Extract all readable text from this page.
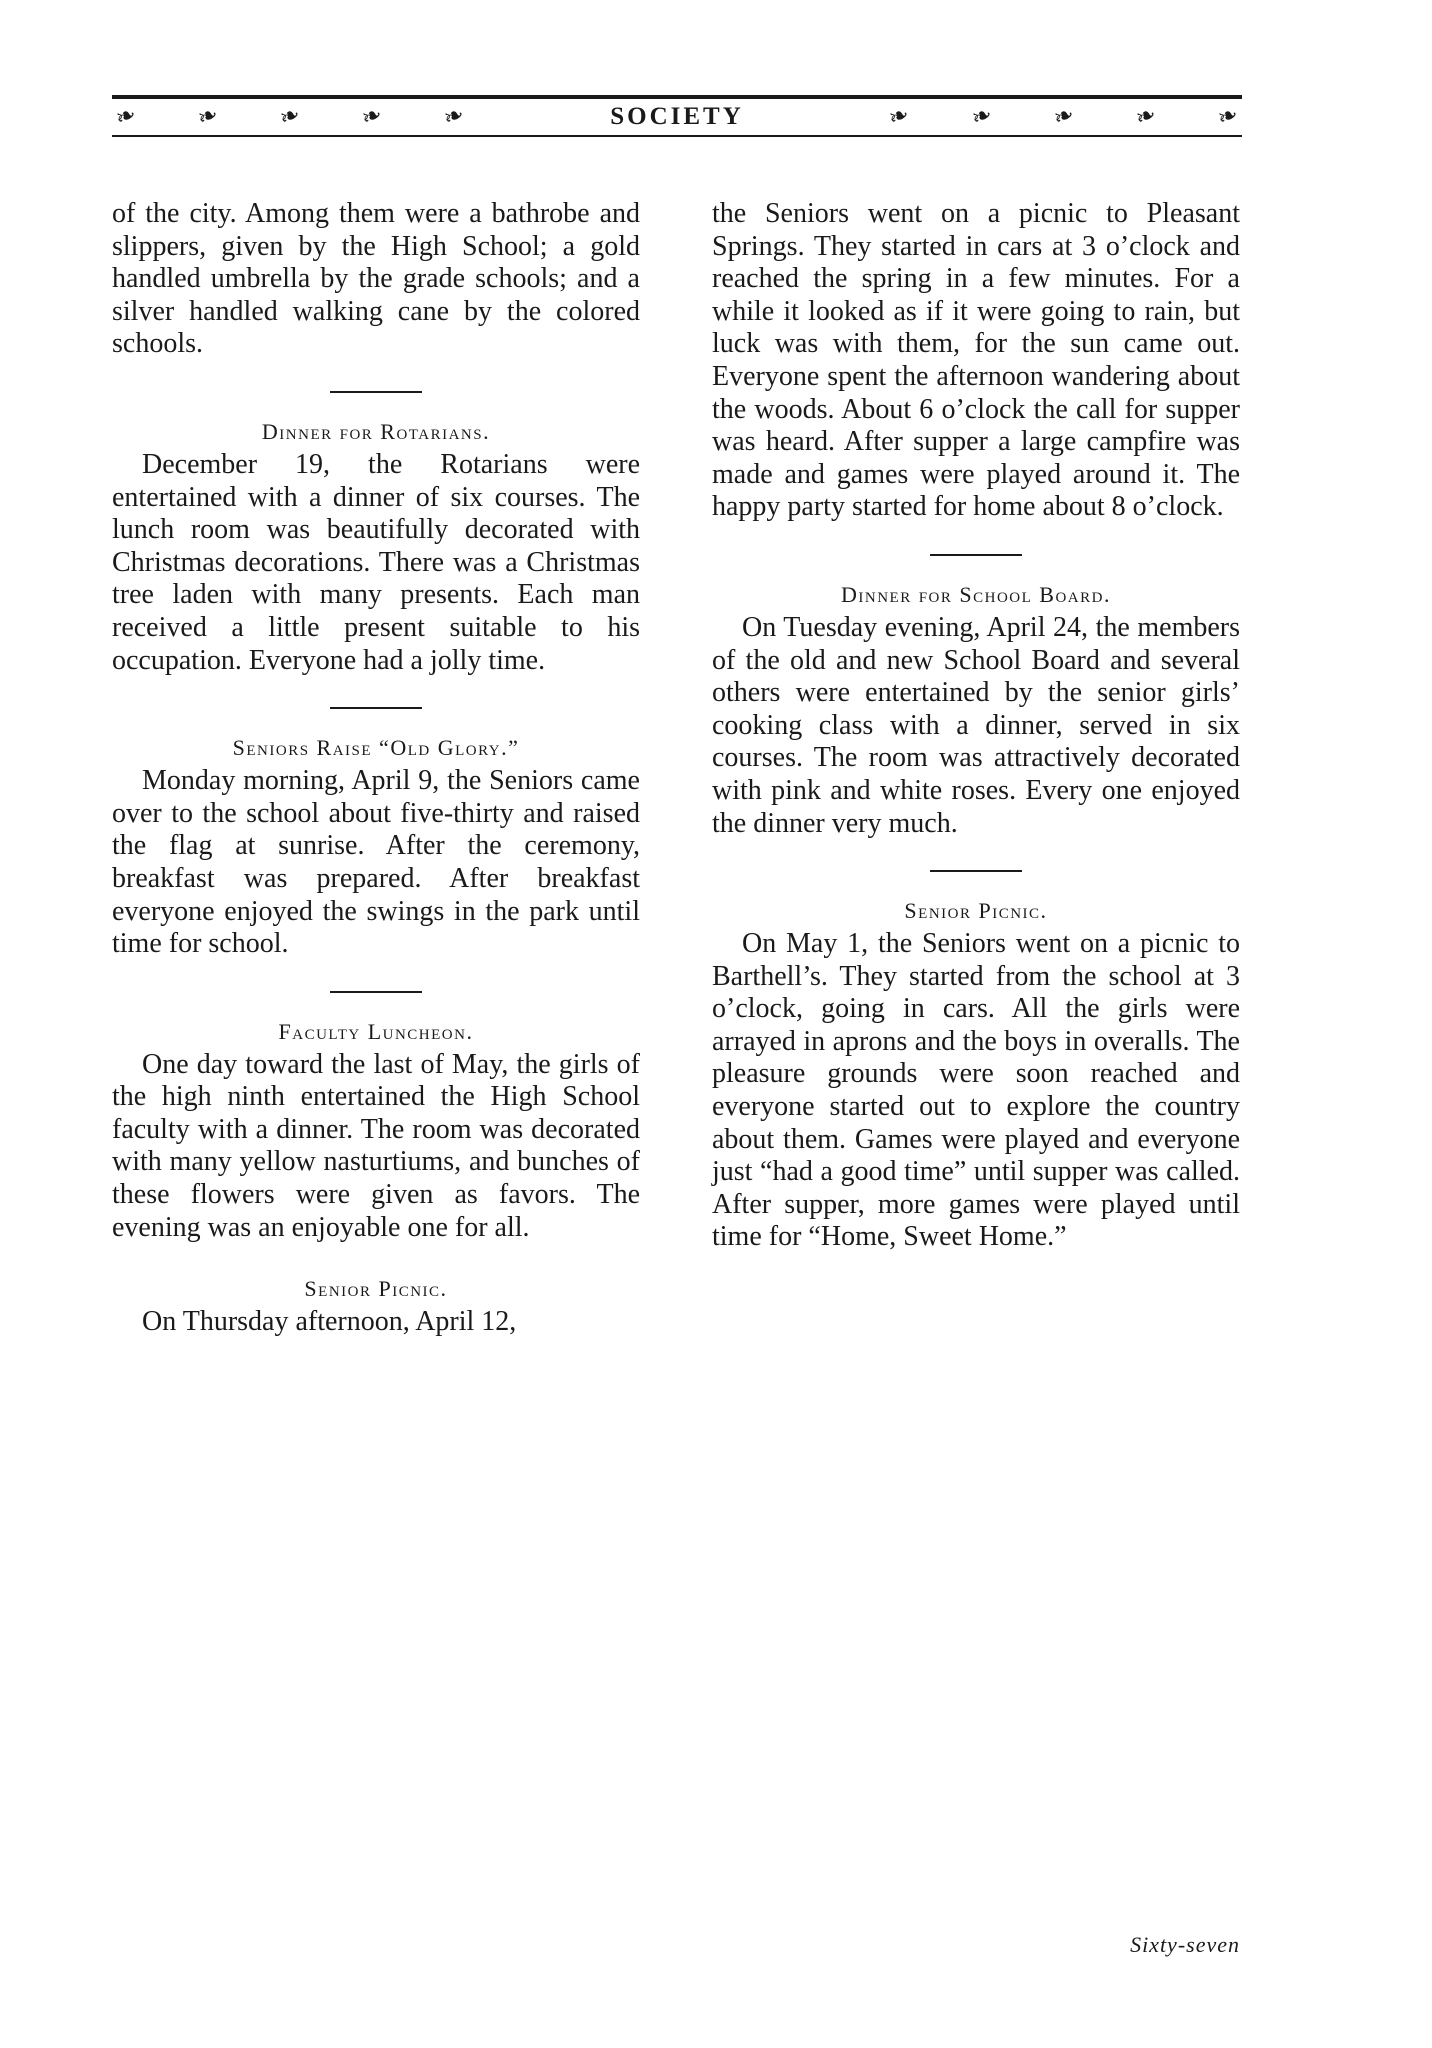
❧ ❧ ❧ ❧ ❧	SOCIETY	❧ ❧ ❧ ❧ ❧

of the city. Among them were a bathrobe and slippers, given by the High School; a gold handled umbrella by the grade schools; and a silver handled walking cane by the colored schools.

Dinner for Rotarians.

December 19, the Rotarians were entertained with a dinner of six courses. The lunch room was beautifully decorated with Christmas decorations. There was a Christmas tree laden with many presents. Each man received a little present suitable to his occupation. Everyone had a jolly time.

Seniors Raise “Old Glory.”

Monday morning, April 9, the Seniors came over to the school about five-thirty and raised the flag at sunrise. After the ceremony, breakfast was prepared. After breakfast everyone enjoyed the swings in the park until time for school.

Faculty Luncheon.

One day toward the last of May, the girls of the high ninth entertained the High School faculty with a dinner. The room was decorated with many yellow nasturtiums, and bunches of these flowers were given as favors. The evening was an enjoyable one for all.

Senior Picnic.

On Thursday afternoon, April 12,

the Seniors went on a picnic to Pleasant Springs. They started in cars at 3 o’clock and reached the spring in a few minutes. For a while it looked as if it were going to rain, but luck was with them, for the sun came out. Everyone spent the afternoon wandering about the woods. About 6 o’clock the call for supper was heard. After supper a large campfire was made and games were played around it. The happy party started for home about 8 o’clock.

Dinner for School Board.

On Tuesday evening, April 24, the members of the old and new School Board and several others were entertained by the senior girls’ cooking class with a dinner, served in six courses. The room was attractively decorated with pink and white roses. Every one enjoyed the dinner very much.

Senior Picnic.

On May 1, the Seniors went on a picnic to Barthell’s. They started from the school at 3 o’clock, going in cars. All the girls were arrayed in aprons and the boys in overalls. The pleasure grounds were soon reached and everyone started out to explore the country about them. Games were played and everyone just “had a good time” until supper was called. After supper, more games were played until time for “Home, Sweet Home.”

Sixty-seven
